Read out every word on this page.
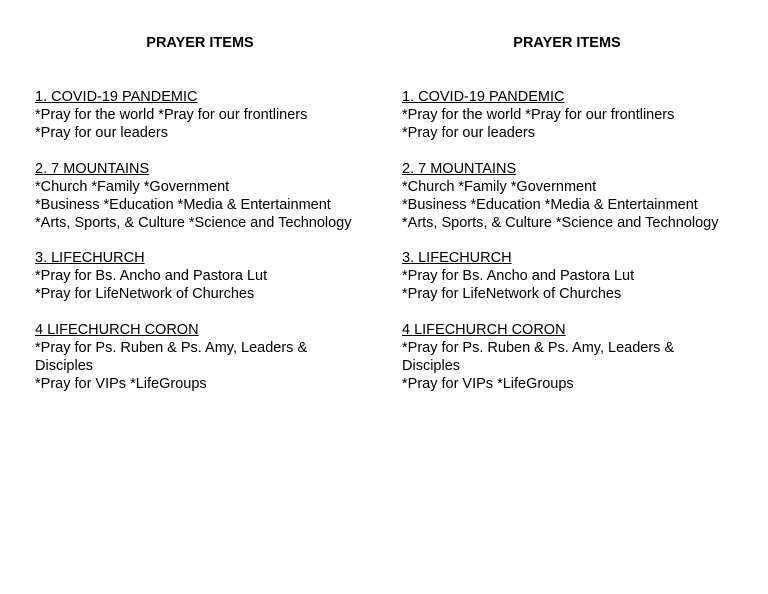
PRAYER ITEMS
1. COVID-19 PANDEMIC
*Pray for the world *Pray for our frontliners
*Pray for our leaders
2. 7 MOUNTAINS
*Church *Family *Government
*Business *Education *Media & Entertainment
*Arts, Sports, & Culture *Science and Technology
3. LIFECHURCH
*Pray for Bs. Ancho and Pastora Lut
*Pray for LifeNetwork of Churches
4 LIFECHURCH CORON
*Pray for Ps. Ruben & Ps. Amy, Leaders & Disciples
*Pray for VIPs *LifeGroups
PRAYER ITEMS
1. COVID-19 PANDEMIC
*Pray for the world *Pray for our frontliners
*Pray for our leaders
2. 7 MOUNTAINS
*Church *Family *Government
*Business *Education *Media & Entertainment
*Arts, Sports, & Culture *Science and Technology
3. LIFECHURCH
*Pray for Bs. Ancho and Pastora Lut
*Pray for LifeNetwork of Churches
4 LIFECHURCH CORON
*Pray for Ps. Ruben & Ps. Amy, Leaders & Disciples
*Pray for VIPs *LifeGroups
